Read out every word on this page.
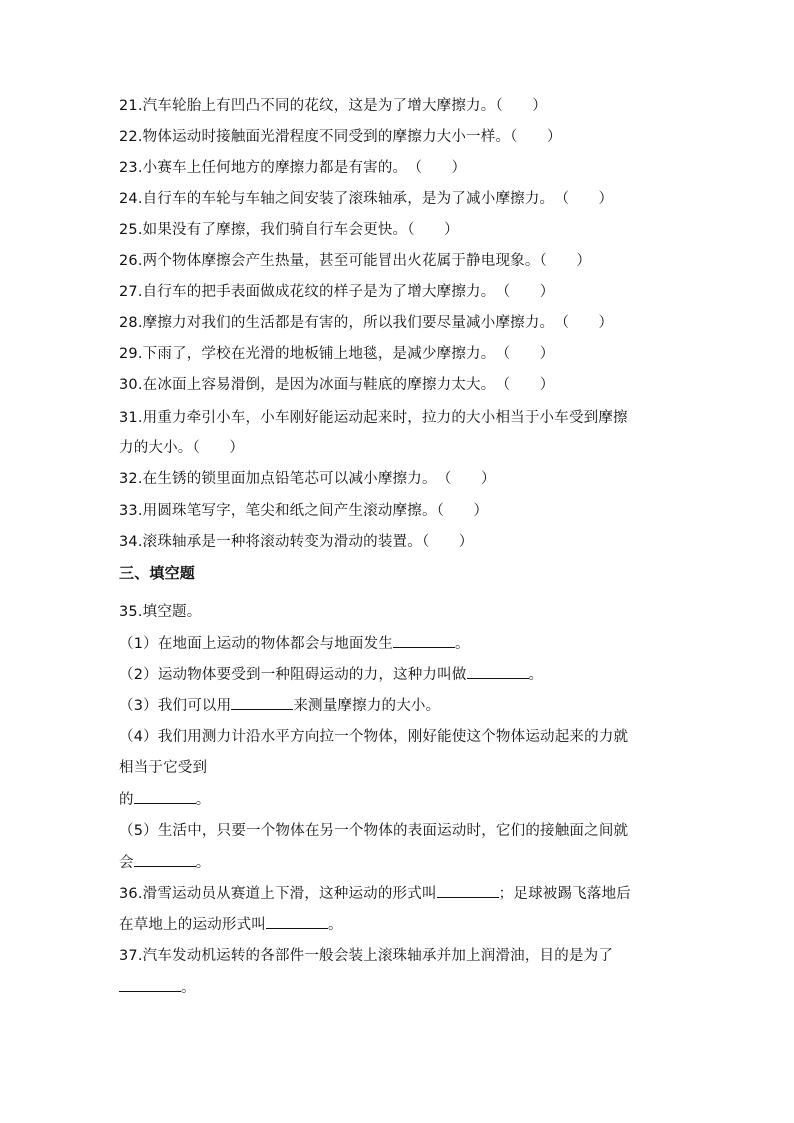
21.汽车轮胎上有凹凸不同的花纹，这是为了增大摩擦力。（　　）
22.物体运动时接触面光滑程度不同受到的摩擦力大小一样。（　　）
23.小赛车上任何地方的摩擦力都是有害的。　（　　）
24.自行车的车轮与车轴之间安装了滚珠轴承，是为了减小摩擦力。　（　　）
25.如果没有了摩擦，我们骑自行车会更快。（　　）
26.两个物体摩擦会产生热量，甚至可能冒出火花属于静电现象。（　　）
27.自行车的把手表面做成花纹的样子是为了增大摩擦力。　（　　）
28.摩擦力对我们的生活都是有害的，所以我们要尽量减小摩擦力。　（　　）
29.下雨了，学校在光滑的地板铺上地毯，是减少摩擦力。　（　　）
30.在冰面上容易滑倒，是因为冰面与鞋底的摩擦力太大。　（　　）
31.用重力牵引小车，小车刚好能运动起来时，拉力的大小相当于小车受到摩擦
力的大小。（　　）
32.在生锈的锁里面加点铅笔芯可以减小摩擦力。　（　　）
33.用圆珠笔写字，笔尖和纸之间产生滚动摩擦。（　　）
34.滚珠轴承是一种将滚动转变为滑动的装置。（　　）
三、填空题
35.填空题。
（1）在地面上运动的物体都会与地面发生	。
（2）运动物体要受到一种阻碍运动的力，这种力叫做	。
（3）我们可以用	来测量摩擦力的大小。
（4）我们用测力计沿水平方向拉一个物体，刚好能使这个物体运动起来的力就
相当于它受到
的	。
（5）生活中，只要一个物体在另一个物体的表面运动时，它们的接触面之间就
会	。
36.滑雪运动员从赛道上下滑，这种运动的形式叫	；足球被踢飞落地后
在草地上的运动形式叫	。
37.汽车发动机运转的各部件一般会装上滚珠轴承并加上润滑油，目的是为了
。
